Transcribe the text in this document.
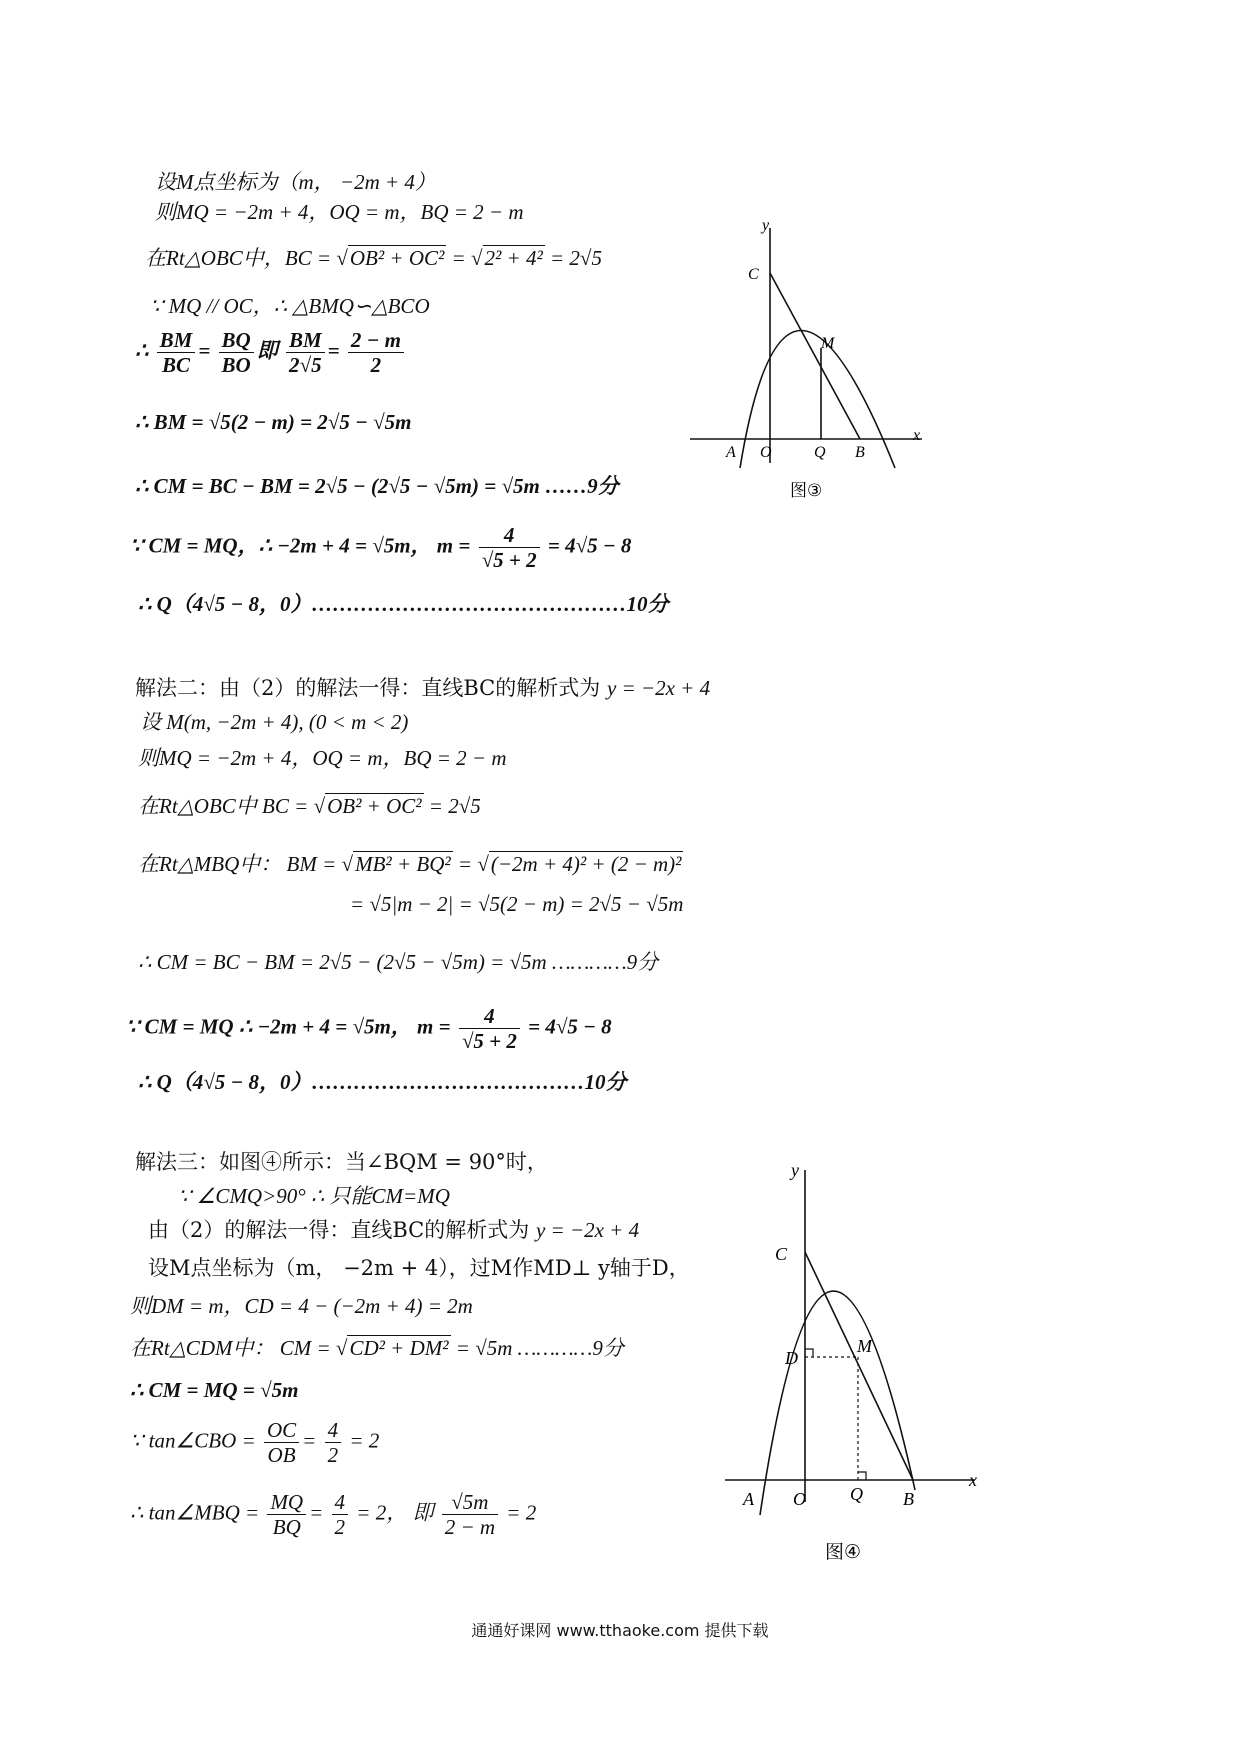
设M点坐标为（m， −2m + 4）
则MQ = −2m + 4，OQ = m，BQ = 2 − m
在Rt△OBC中，BC = √OB² + OC² = √2² + 4² = 2√5
∵ MQ // OC，∴ △BMQ∽△BCO
∴ $\frac{BM}{BC} = \frac{BQ}{BO}$ 即 $\frac{BM}{2√5} = \frac{2 - m}{2}$
∴ BM = √5(2 − m) = 2√5 − √5m
∴ CM = BC − BM = 2√5 − (2√5 − √5m) = √5m ……9分
∵ CM = MQ，∴ −2m + 4 = √5m， $m = \frac{4}{√5 + 2} = 4√5 - 8$
∴ Q（4√5 − 8，0）………………………………………10分
y
x
C
M
A O	Q B
图③
解法二：由（2）的解法一得：直线BC的解析式为 y = −2x + 4
设 M(m, −2m + 4), (0 < m < 2)
则MQ = −2m + 4，OQ = m，BQ = 2 − m
在Rt△OBC中 BC = √OB² + OC² = 2√5
在Rt△MBQ中： BM = √MB² + BQ² = √(−2m + 4)² + (2 − m)²
= √5|m − 2| = √5(2 − m) = 2√5 − √5m
∴ CM = BC − BM = 2√5 − (2√5 − √5m) = √5m …………9分
∵ CM = MQ ∴ −2m + 4 = √5m， $m = \frac{4}{√5 + 2} = 4√5 - 8$
∴ Q（4√5 − 8，0）…………………………………10分
解法三：如图④所示：当∠BQM = 90°时，
∵ ∠CMQ>90° ∴ 只能CM=MQ
由（2）的解法一得：直线BC的解析式为 y = −2x + 4
设M点坐标为（m， −2m + 4），过M作MD⊥ y轴于D，
则DM = m，CD = 4 − (−2m + 4) = 2m
在Rt△CDM中： CM = √CD² + DM² = √5m …………9分
∴ CM = MQ = √5m
∵ tan∠CBO = $\frac{OC}{OB} = \frac{4}{2} = 2$
∴ tan∠MBQ = $\frac{MQ}{BQ} = \frac{4}{2} = 2$， 即 $\frac{√5m}{2 - m} = 2$
y
x
C
M
D
A O Q B
图④
通通好课网 www.tthaoke.com 提供下载
